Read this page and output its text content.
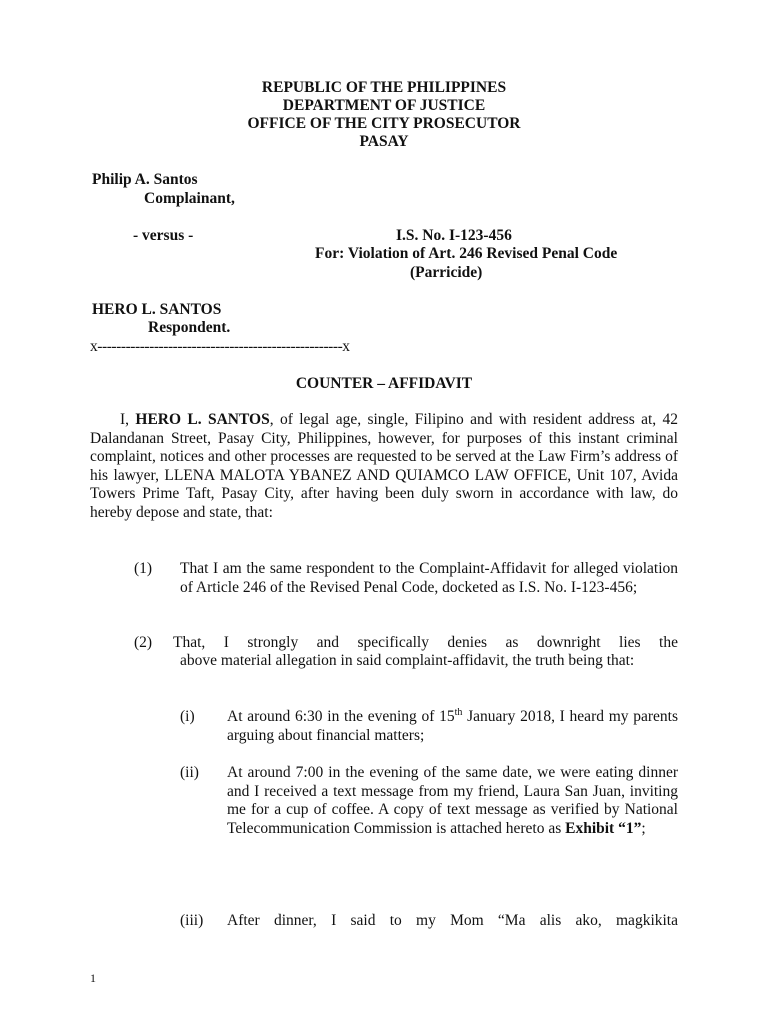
REPUBLIC OF THE PHILIPPINES
DEPARTMENT OF JUSTICE
OFFICE OF THE CITY PROSECUTOR
PASAY
Philip A. Santos
Complainant,
- versus -	I.S. No. I-123-456
For: Violation of Art. 246 Revised Penal Code
(Parricide)
HERO L. SANTOS
Respondent.
x----------------------------------------------------x
COUNTER – AFFIDAVIT

I, HERO L. SANTOS, of legal age, single, Filipino and with resident address at, 42 Dalandanan Street, Pasay City, Philippines, however, for purposes of this instant criminal complaint, notices and other processes are requested to be served at the Law Firm’s address of his lawyer, LLENA MALOTA YBANEZ AND QUIAMCO LAW OFFICE, Unit 107, Avida Towers Prime Taft, Pasay City, after having been duly sworn in accordance with law, do hereby depose and state, that:

(1) That I am the same respondent to the Complaint-Affidavit for alleged violation of Article 246 of the Revised Penal Code, docketed as I.S. No. I-123-456;

(2) That, I strongly and specifically denies as downright lies the

above material allegation in said complaint-affidavit, the truth being that:

(i) At around 6:30 in the evening of 15th January 2018, I heard my parents arguing about financial matters;

(ii) At around 7:00 in the evening of the same date, we were eating dinner and I received a text message from my friend, Laura San Juan, inviting me for a cup of coffee. A copy of text message as verified by National Telecommunication Commission is attached hereto as Exhibit “1”;

(iii) After dinner, I said to my Mom “Ma alis ako, magkikita
1
